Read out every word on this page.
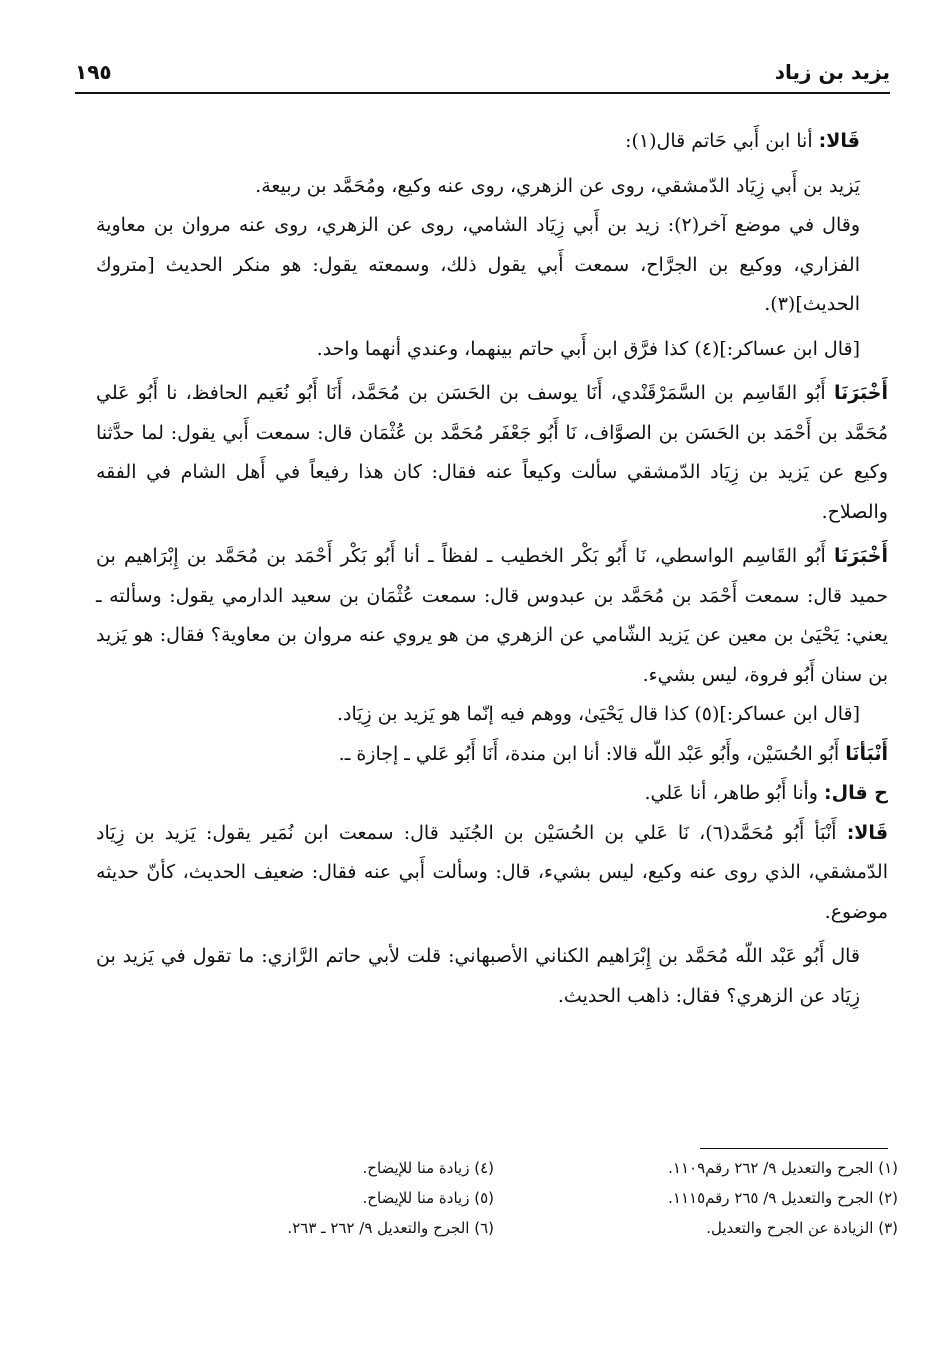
يزيد بن زياد
١٩٥

قَالا: أنا ابن أَبي حَاتم قال(١):

يَزيد بن أَبي زِيَاد الدّمشقي، روى عن الزهري، روى عنه وكيع، ومُحَمَّد بن ربيعة.

وقال في موضع آخر(٢): زيد بن أَبي زِيَاد الشامي، روى عن الزهري، روى عنه مروان بن معاوية الفزاري، ووكيع بن الجرَّاح، سمعت أَبي يقول ذلك، وسمعته يقول: هو منكر الحديث [متروك الحديث](٣).

[قال ابن عساكر:](٤) كذا فرَّق ابن أَبي حاتم بينهما، وعندي أنهما واحد.

أَخْبَرَنَا أَبُو القَاسِم بن السَّمَرْقَنْدي، أَنَا يوسف بن الحَسَن بن مُحَمَّد، أَنَا أَبُو نُعَيم الحافظ، نا أَبُو عَلي مُحَمَّد بن أَحْمَد بن الحَسَن بن الصوَّاف، نَا أَبُو جَعْفَر مُحَمَّد بن عُثْمَان قال: سمعت أَبي يقول: لما حدَّثنا وكيع عن يَزيد بن زِيَاد الدّمشقي سألت وكيعاً عنه فقال: كان هذا رفيعاً في أَهل الشام في الفقه والصلاح.

أَخْبَرَنَا أَبُو القَاسِم الواسطي، نَا أَبُو بَكْر الخطيب ـ لفظاً ـ أنا أَبُو بَكْر أَحْمَد بن مُحَمَّد بن إِبْرَاهيم بن حميد قال: سمعت أَحْمَد بن مُحَمَّد بن عبدوس قال: سمعت عُثْمَان بن سعيد الدارمي يقول: وسألته ـ يعني: يَحْيَىٰ بن معين عن يَزيد الشّامي عن الزهري من هو يروي عنه مروان بن معاوية؟ فقال: هو يَزيد بن سنان أَبُو فروة، ليس بشيء.

[قال ابن عساكر:](٥) كذا قال يَحْيَىٰ، ووهم فيه إنّما هو يَزيد بن زِيَاد.

أَنْبَأنَا أَبُو الحُسَيْن، وأَبُو عَبْد اللّه قالا: أنا ابن مندة، أَنَا أَبُو عَلي ـ إجازة ـ.

ح قال: وأنا أَبُو طاهر، أنا عَلي.

قَالا: أَنْبَأ أَبُو مُحَمَّد(٦)، نَا عَلي بن الحُسَيْن بن الجُنَيد قال: سمعت ابن نُمَير يقول: يَزيد بن زِيَاد الدّمشقي، الذي روى عنه وكيع، ليس بشيء، قال: وسألت أَبي عنه فقال: ضعيف الحديث، كأنّ حديثه موضوع.

قال أَبُو عَبْد اللّه مُحَمَّد بن إِبْرَاهيم الكناني الأصبهاني: قلت لأبي حاتم الرَّازي: ما تقول في يَزيد بن زِيَاد عن الزهري؟ فقال: ذاهب الحديث.

(١) الجرح والتعديل ٩/ ٢٦٢ رقم١١٠٩.
(٢) الجرح والتعديل ٩/ ٢٦٥ رقم١١١٥.
(٣) الزيادة عن الجرح والتعديل.
(٤) زيادة منا للإيضاح.
(٥) زيادة منا للإيضاح.
(٦) الجرح والتعديل ٩/ ٢٦٢ ـ ٢٦٣.
